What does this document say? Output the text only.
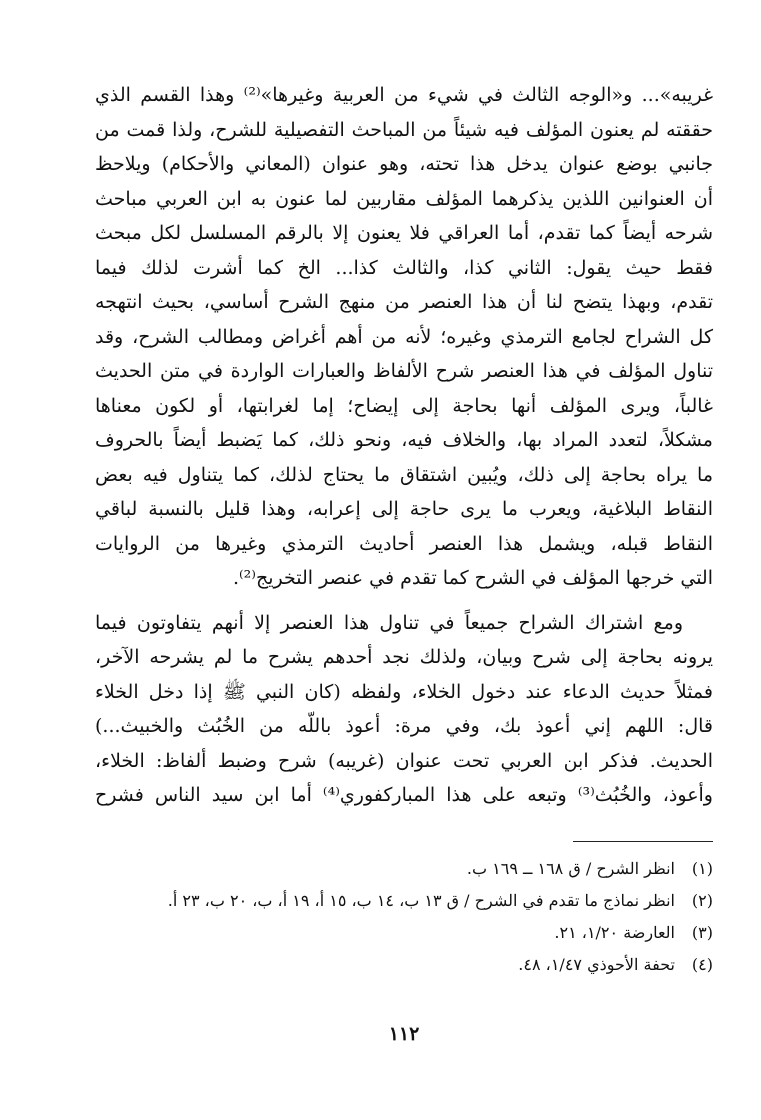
غريبه»... و«الوجه الثالث في شيء من العربية وغيرها»⁽²⁾ وهذا القسم الذي
حققته لم يعنون المؤلف فيه شيئاً من المباحث التفصيلية للشرح، ولذا قمت من
جانبي بوضع عنوان يدخل هذا تحته، وهو عنوان (المعاني والأحكام) ويلاحظ
أن العنوانين اللذين يذكرهما المؤلف مقاربين لما عنون به ابن العربي مباحث
شرحه أيضاً كما تقدم، أما العراقي فلا يعنون إلا بالرقم المسلسل لكل مبحث
فقط حيث يقول: الثاني كذا، والثالث كذا... الخ كما أشرت لذلك فيما
تقدم، وبهذا يتضح لنا أن هذا العنصر من منهج الشرح أساسي، بحيث انتهجه
كل الشراح لجامع الترمذي وغيره؛ لأنه من أهم أغراض ومطالب الشرح، وقد
تناول المؤلف في هذا العنصر شرح الألفاظ والعبارات الواردة في متن الحديث
غالباً، ويرى المؤلف أنها بحاجة إلى إيضاح؛ إما لغرابتها، أو لكون معناها
مشكلاً، لتعدد المراد بها، والخلاف فيه، ونحو ذلك، كما يَضبط أيضاً بالحروف
ما يراه بحاجة إلى ذلك، ويُبين اشتقاق ما يحتاج لذلك، كما يتناول فيه بعض
النقاط البلاغية، ويعرب ما يرى حاجة إلى إعرابه، وهذا قليل بالنسبة لباقي
النقاط قبله، ويشمل هذا العنصر أحاديث الترمذي وغيرها من الروايات
التي خرجها المؤلف في الشرح كما تقدم في عنصر التخريج⁽²⁾.
ومع اشتراك الشراح جميعاً في تناول هذا العنصر إلا أنهم يتفاوتون فيما
يرونه بحاجة إلى شرح وبيان، ولذلك نجد أحدهم يشرح ما لم يشرحه الآخر،
فمثلاً حديث الدعاء عند دخول الخلاء، ولفظه (كان النبي ﷺ إذا دخل الخلاء
قال: اللهم إني أعوذ بك، وفي مرة: أعوذ باللّه من الخُبُث والخبيث...)
الحديث. فذكر ابن العربي تحت عنوان (غريبه) شرح وضبط ألفاظ: الخلاء،
وأعوذ، والخُبُث⁽³⁾ وتبعه على هذا المباركفوري⁽⁴⁾ أما ابن سيد الناس فشرح
(١)
انظر الشرح / ق ١٦٨ ــ ١٦٩ ب.
(٢)
انظر نماذج ما تقدم في الشرح / ق ١٣ ب، ١٤ ب، ١٥ أ، ١٩ أ، ب، ٢٠ ب، ٢٣ أ.
(٣)
العارضة ١/٢٠، ٢١.
(٤)
تحفة الأحوذي ١/٤٧، ٤٨.
١١٢
